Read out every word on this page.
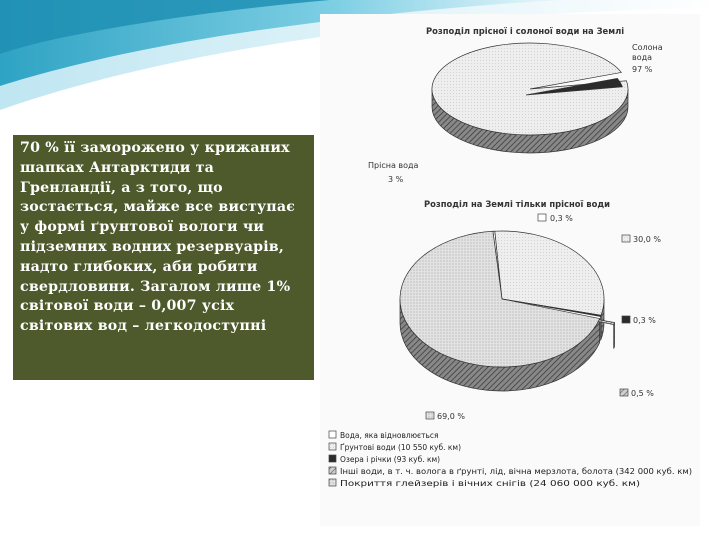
70 % її заморожено у крижаних шапках Антарктиди та Гренландії, а з того, що зостається, майже все виступає у формі ґрунтової вологи чи підземних водних резервуарів, надто глибоких, аби робити свердловини. Загалом лише 1% світової води – 0,007 усіх світових вод – легкодоступні
Розподіл прісної і солоної води на Землі
Солона
вода
97 %
Прісна вода
3 %
Розподіл на Землі тільки прісної води
0,3 %
30,0 %
0,3 %
0,5 %
69,0 %
Вода, яка відновлюється
Ґрунтові води (10 550 куб. км)
Озера і річки (93 куб. км)
Інші води, в т. ч. волога в ґрунті, лід, вічна мерзлота, болота (342 000 куб. км)
Покриття глейзерів і вічних снігів (24 060 000 куб. км)
